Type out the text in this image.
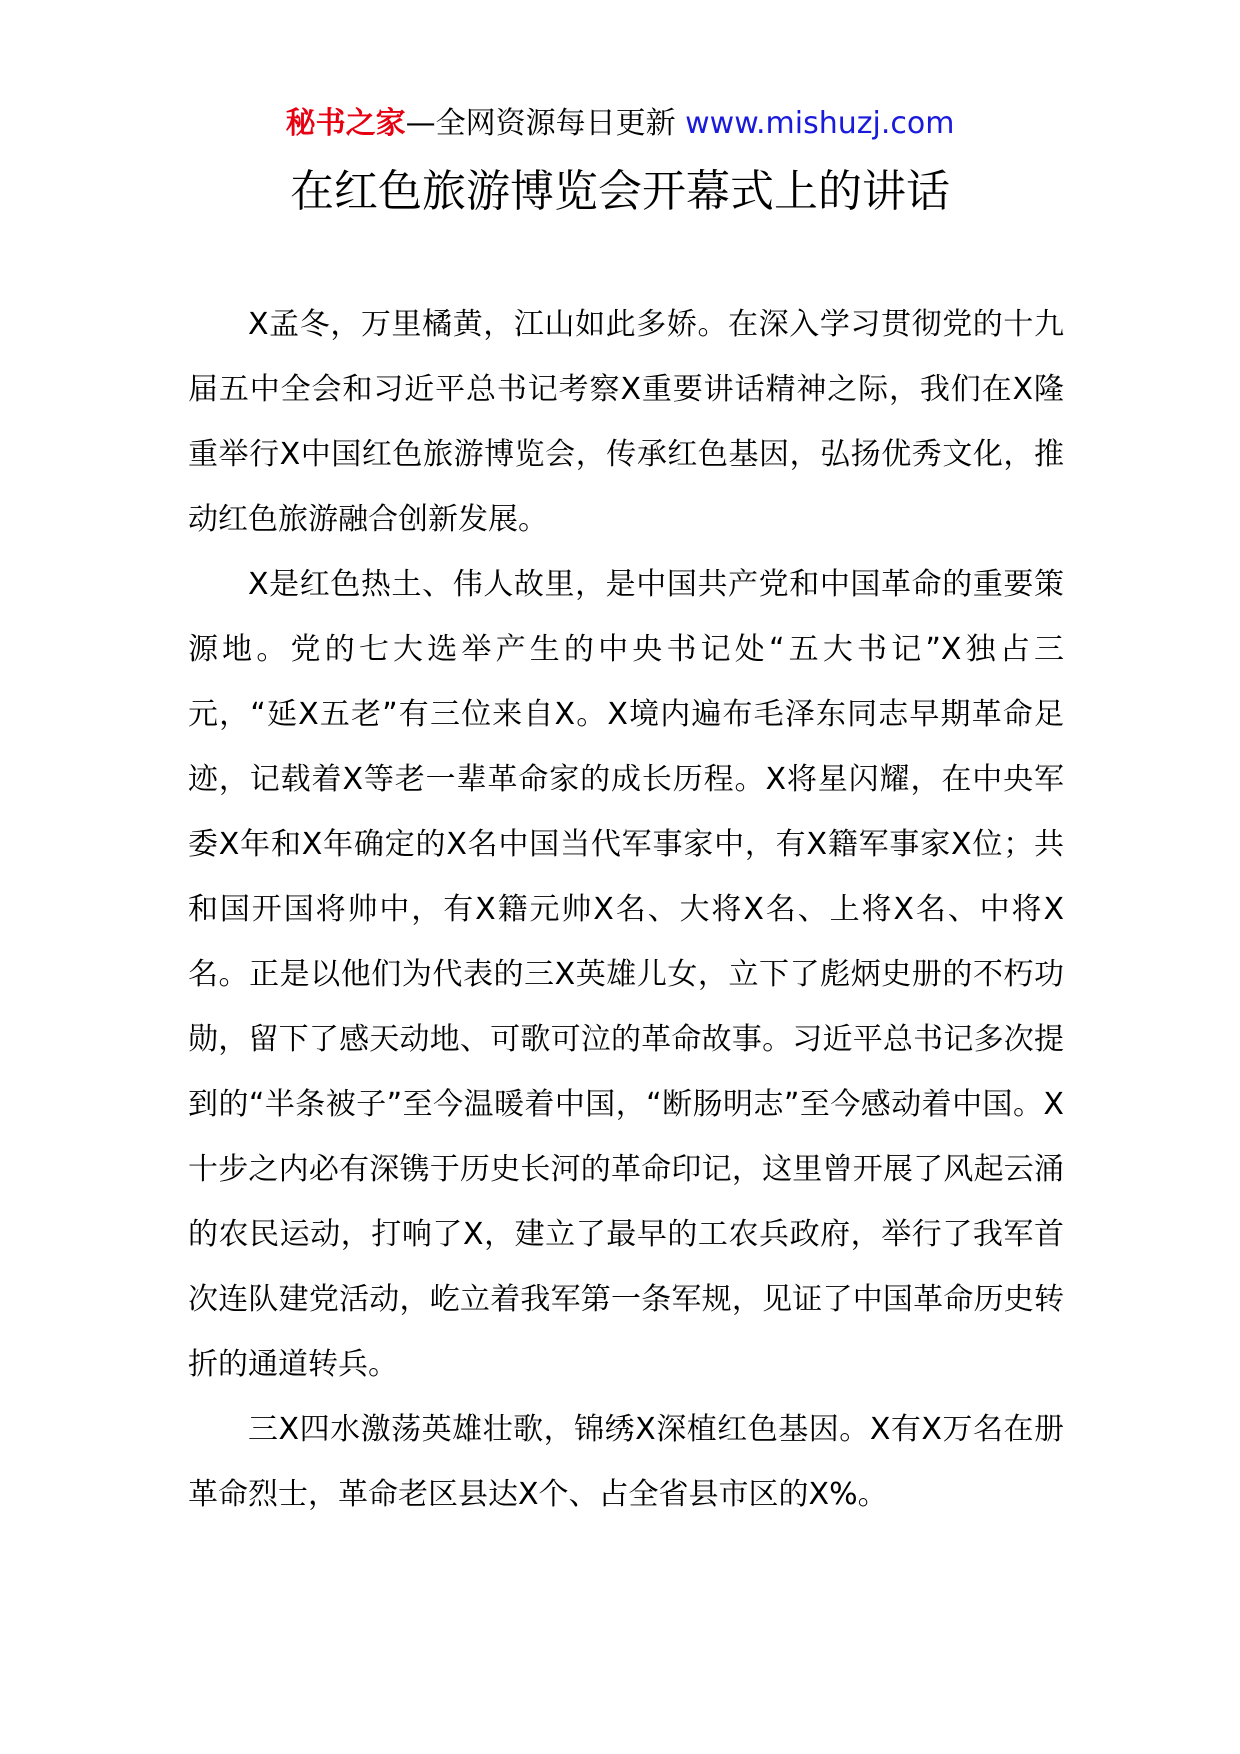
秘书之家—全网资源每日更新 www.mishuzj.com
在红色旅游博览会开幕式上的讲话

X孟冬，万里橘黄，江山如此多娇。在深入学习贯彻党的十九届五中全会和习近平总书记考察X重要讲话精神之际，我们在X隆重举行X中国红色旅游博览会，传承红色基因，弘扬优秀文化，推动红色旅游融合创新发展。

X是红色热土、伟人故里，是中国共产党和中国革命的重要策源地。党的七大选举产生的中央书记处“五大书记”X独占三元，“延X五老”有三位来自X。X境内遍布毛泽东同志早期革命足迹，记载着X等老一辈革命家的成长历程。X将星闪耀，在中央军委X年和X年确定的X名中国当代军事家中，有X籍军事家X位；共和国开国将帅中，有X籍元帅X名、大将X名、上将X名、中将X名。正是以他们为代表的三X英雄儿女，立下了彪炳史册的不朽功勋，留下了感天动地、可歌可泣的革命故事。习近平总书记多次提到的“半条被子”至今温暖着中国，“断肠明志”至今感动着中国。X十步之内必有深镌于历史长河的革命印记，这里曾开展了风起云涌的农民运动，打响了X，建立了最早的工农兵政府，举行了我军首次连队建党活动，屹立着我军第一条军规，见证了中国革命历史转折的通道转兵。

三X四水激荡英雄壮歌，锦绣X深植红色基因。X有X万名在册革命烈士，革命老区县达X个、占全省县市区的X%。
